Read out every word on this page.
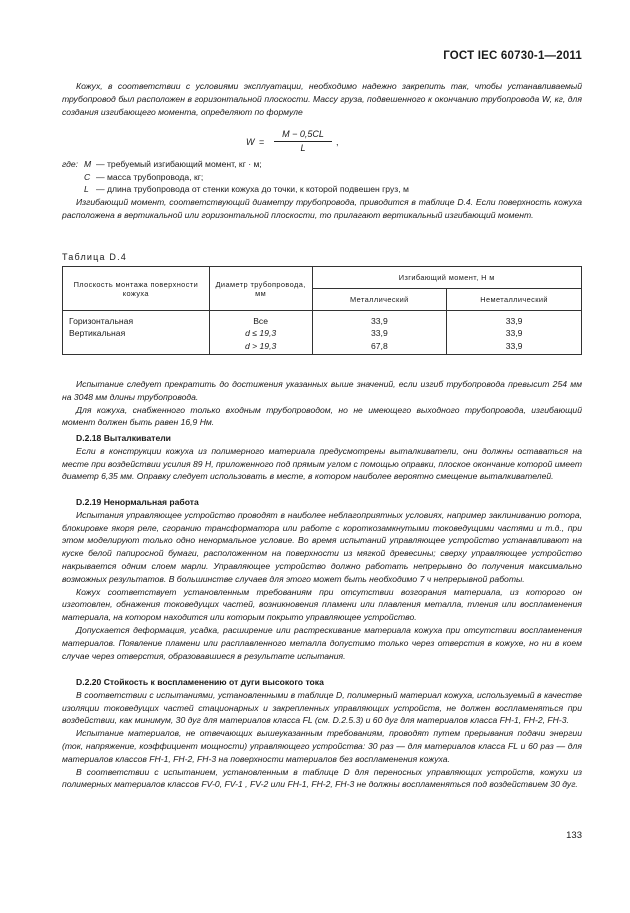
ГОСТ IEC 60730-1—2011

Кожух, в соответствии с условиями эксплуатации, необходимо надежно закрепить так, чтобы устанавливаемый трубопровод был расположен в горизонтальной плоскости. Массу груза, подвешенного к окончанию трубопровода W, кг, для создания изгибающего момента, определяют по формуле

W =
M − 0,5CL
L
,
где: M — требуемый изгибающий момент, кг · м;
C — масса трубопровода, кг;
L — длина трубопровода от стенки кожуха до точки, к которой подвешен груз, м

Изгибающий момент, соответствующий диаметру трубопровода, приводится в таблице D.4. Если поверхность кожуха расположена в вертикальной или горизонтальной плоскости, то прилагают вертикальный изгибающий момент.

Таблица D.4
Плоскость монтажа поверхности кожуха	Диаметр трубопровода, мм	Изгибающий момент, Н м	
		Металлический	Неметаллический
Горизонтальная	Все	33,9	33,9
Вертикальная	d ≤ 19,3	33,9	33,9
	d > 19,3	67,8	33,9

Испытание следует прекратить до достижения указанных выше значений, если изгиб трубопровода превысит 254 мм на 3048 мм длины трубопровода.

Для кожуха, снабженного только входным трубопроводом, но не имеющего выходного трубопровода, изгибающий момент должен быть равен 16,9 Нм.

D.2.18 Выталкиватели

Если в конструкции кожуха из полимерного материала предусмотрены выталкиватели, они должны оставаться на месте при воздействии усилия 89 Н, приложенного под прямым углом с помощью оправки, плоское окончание которой имеет диаметр 6,35 мм. Оправку следует использовать в месте, в котором наиболее вероятно смещение выталкивателей.

D.2.19 Ненормальная работа

Испытания управляющее устройство проводят в наиболее неблагоприятных условиях, например заклиниванию ротора, блокировке якоря реле, сгоранию трансформатора или работе с короткозамкнутыми токоведущими частями и т.д., при этом моделируют только одно ненормальное условие. Во время испытаний управляющее устройство устанавливают на куске белой папиросной бумаги, расположенном на поверхности из мягкой древесины; сверху управляющее устройство накрывается одним слоем марли. Управляющее устройство должно работать непрерывно до получения максимально возможных результатов. В большинстве случаев для этого может быть необходимо 7 ч непрерывной работы.

Кожух соответствует установленным требованиям при отсутствии возгорания материала, из которого он изготовлен, обнажения токоведущих частей, возникновения пламени или плавления металла, тления или воспламенения материала, на котором находится или которым покрыто управляющее устройство.

Допускается деформация, усадка, расширение или растрескивание материала кожуха при отсутствии воспламенения материалов. Появление пламени или расплавленного металла допустимо только через отверстия в кожухе, но ни в коем случае через отверстия, образовавшиеся в результате испытания.

D.2.20 Стойкость к воспламенению от дуги высокого тока

В соответствии с испытаниями, установленными в таблице D, полимерный материал кожуха, используемый в качестве изоляции токоведущих частей стационарных и закрепленных управляющих устройств, не должен воспламеняться при воздействии, как минимум, 30 дуг для материалов класса FL (см. D.2.5.3) и 60 дуг для материалов класса FH-1, FH-2, FH-3.

Испытание материалов, не отвечающих вышеуказанным требованиям, проводят путем прерывания подачи энергии (ток, напряжение, коэффициент мощности) управляющего устройства: 30 раз — для материалов класса FL и 60 раз — для материалов классов FH-1, FH-2, FH-3 на поверхности материалов без воспламенения кожуха.

В соответствии с испытанием, установленным в таблице D для переносных управляющих устройств, кожухи из полимерных материалов классов FV-0, FV-1 , FV-2 или FH-1, FH-2, FH-3 не должны воспламеняться под воздействием 30 дуг.

133
